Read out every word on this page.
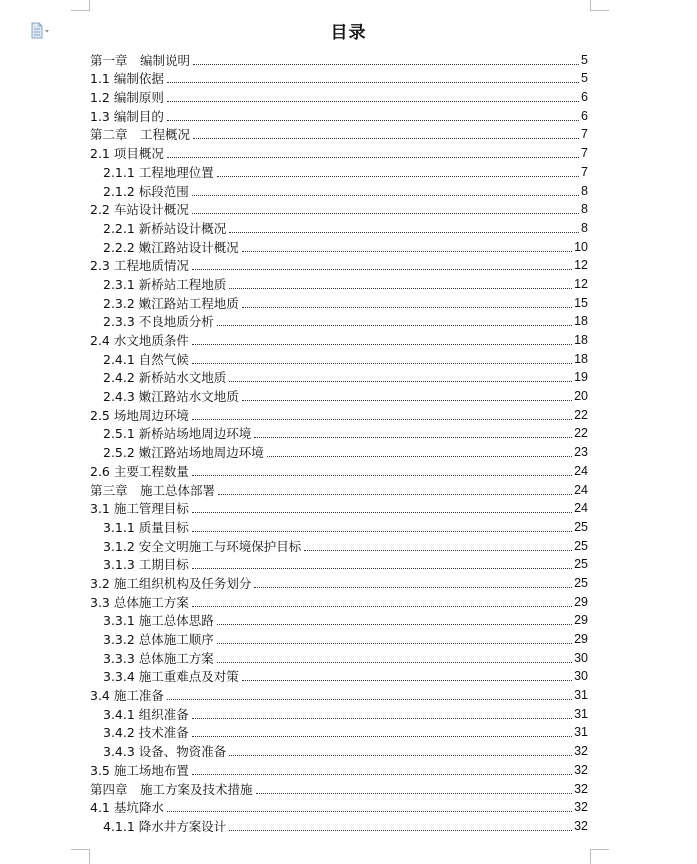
目录
第一章　编制说明	5
1.1 编制依据	5
1.2 编制原则	6
1.3 编制目的	6
第二章　工程概况	7
2.1 项目概况	7
2.1.1 工程地理位置	7
2.1.2 标段范围	8
2.2 车站设计概况	8
2.2.1 新桥站设计概况	8
2.2.2 嫩江路站设计概况	10
2.3 工程地质情况	12
2.3.1 新桥站工程地质	12
2.3.2 嫩江路站工程地质	15
2.3.3 不良地质分析	18
2.4 水文地质条件	18
2.4.1 自然气候	18
2.4.2 新桥站水文地质	19
2.4.3 嫩江路站水文地质	20
2.5 场地周边环境	22
2.5.1 新桥站场地周边环境	22
2.5.2 嫩江路站场地周边环境	23
2.6 主要工程数量	24
第三章　施工总体部署	24
3.1 施工管理目标	24
3.1.1 质量目标	25
3.1.2 安全文明施工与环境保护目标	25
3.1.3 工期目标	25
3.2 施工组织机构及任务划分	25
3.3 总体施工方案	29
3.3.1 施工总体思路	29
3.3.2 总体施工顺序	29
3.3.3 总体施工方案	30
3.3.4 施工重难点及对策	30
3.4 施工准备	31
3.4.1 组织准备	31
3.4.2 技术准备	31
3.4.3 设备、物资准备	32
3.5 施工场地布置	32
第四章　施工方案及技术措施	32
4.1 基坑降水	32
4.1.1 降水井方案设计	32
